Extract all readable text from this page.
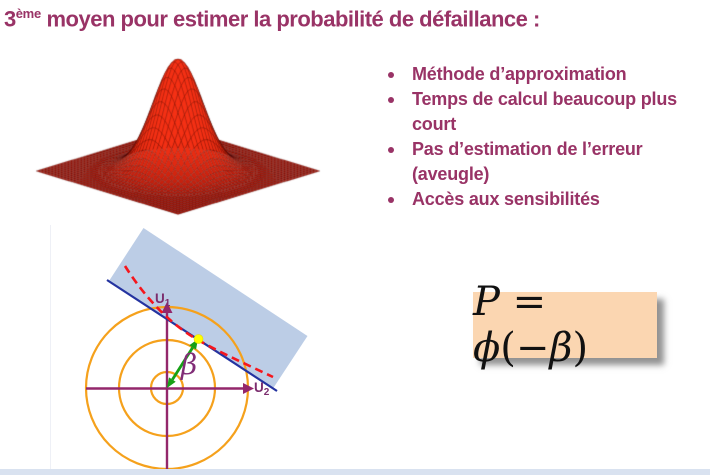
3ème moyen pour estimer la probabilité de défaillance :
Méthode d’approximation
Temps de calcul beaucoup plus
court
Pas d’estimation de l’erreur
(aveugle)
Accès aux sensibilités
$U_1$
$U_2$
β
P = ϕ(−β)
